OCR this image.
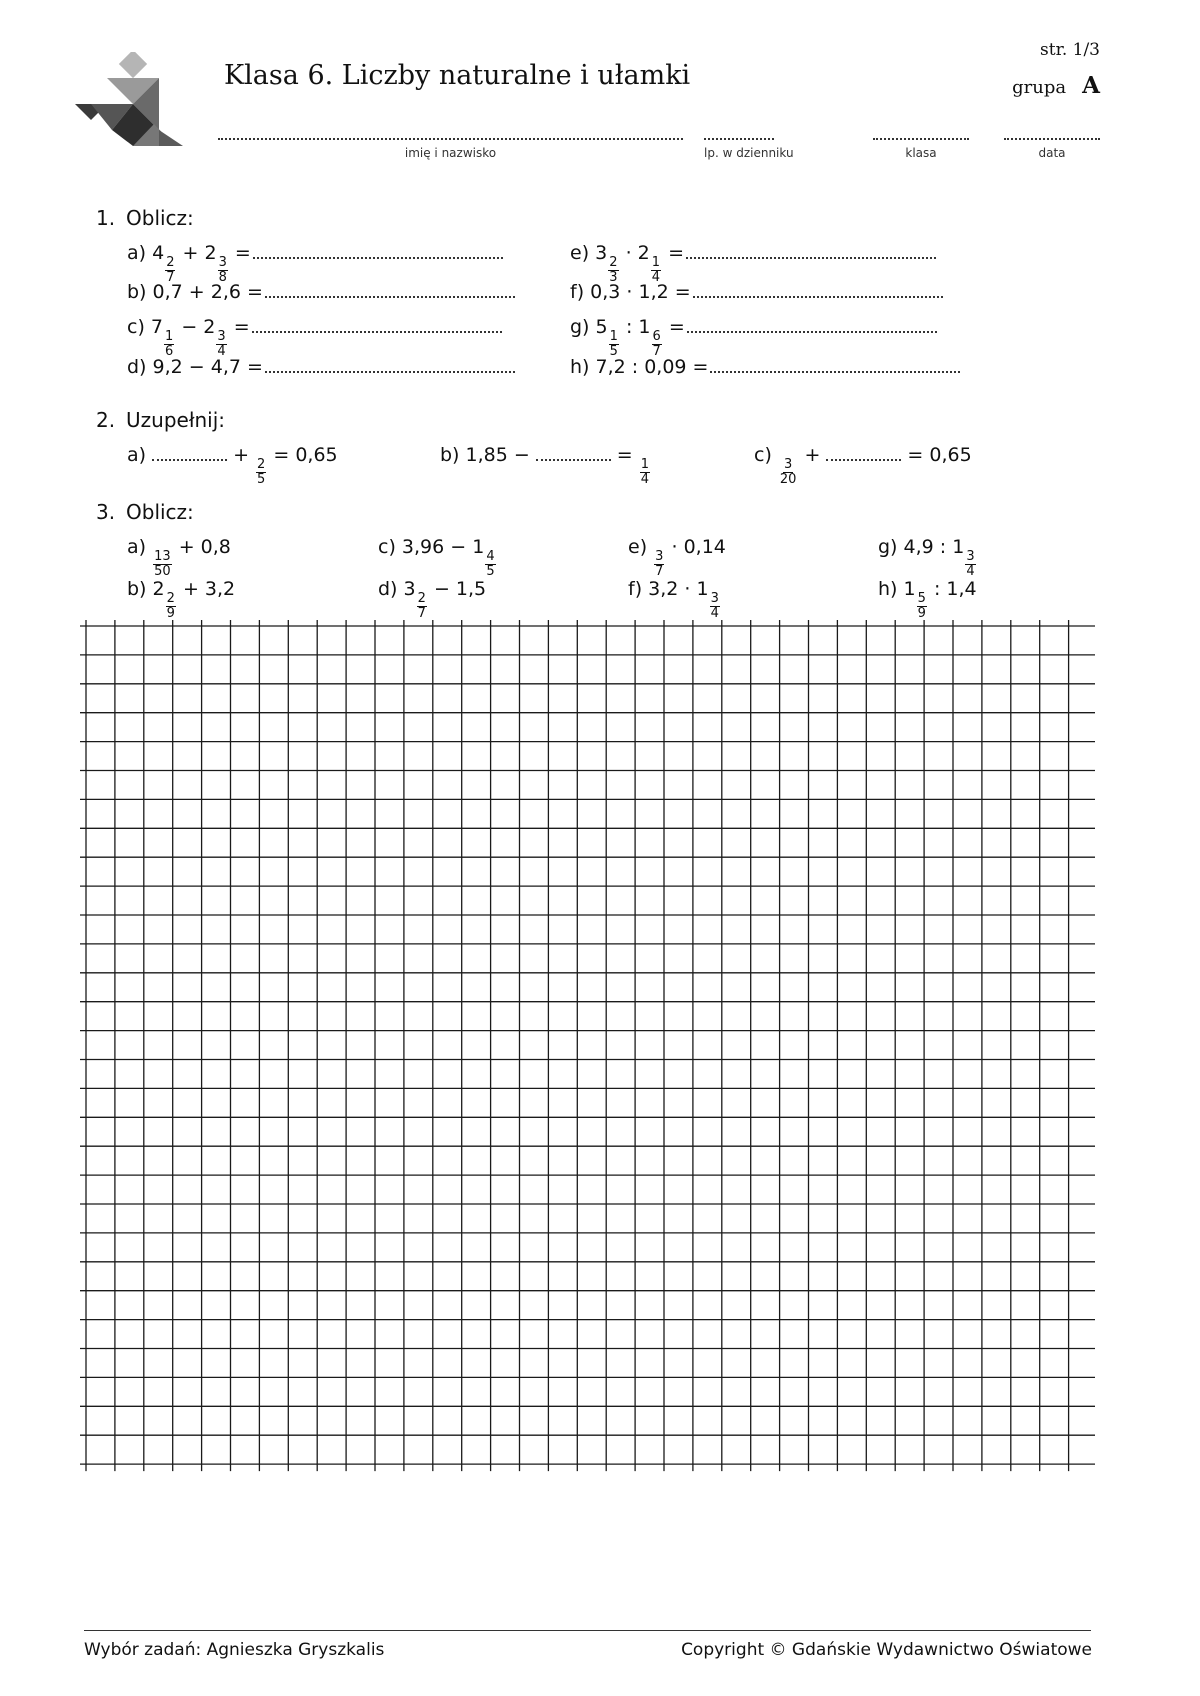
Klasa 6. Liczby naturalne i ułamki
str. 1/3
grupa A
imię i nazwisko	lp. w dzienniku	klasa	data
1. Oblicz:
a) 4
$\frac{2}{7}$
+ 2
$\frac{3}{8}$
=
b) 0,7 + 2,6 =
c) 7
$\frac{1}{6}$
− 2
$\frac{3}{4}$
=
d) 9,2 − 4,7 =
e) 3
$\frac{2}{3}$
· 2
$\frac{1}{4}$
=
f) 0,3 · 1,2 =
g) 5
$\frac{1}{5}$
: 1
$\frac{6}{7}$
=
h) 7,2 : 0,09 =
2. Uzupełnij:
a)	+
$\frac{2}{5}$
= 0,65	b) 1,85 −	=
$\frac{1}{4}$
c)
$\frac{3}{20}$
+	= 0,65
3. Oblicz:
a)
$\frac{13}{50}$
+ 0,8
b) 2
$\frac{2}{9}$
+ 3,2
c) 3,96 − 1
$\frac{4}{5}$
d) 3
$\frac{2}{7}$
− 1,5
e)
$\frac{3}{7}$
· 0,14
f) 3,2 · 1
$\frac{3}{4}$
g) 4,9 : 1
$\frac{3}{4}$
h) 1
$\frac{5}{9}$
: 1,4
Wybór zadań: Agnieszka Gryszkalis	Copyright © Gdańskie Wydawnictwo Oświatowe
